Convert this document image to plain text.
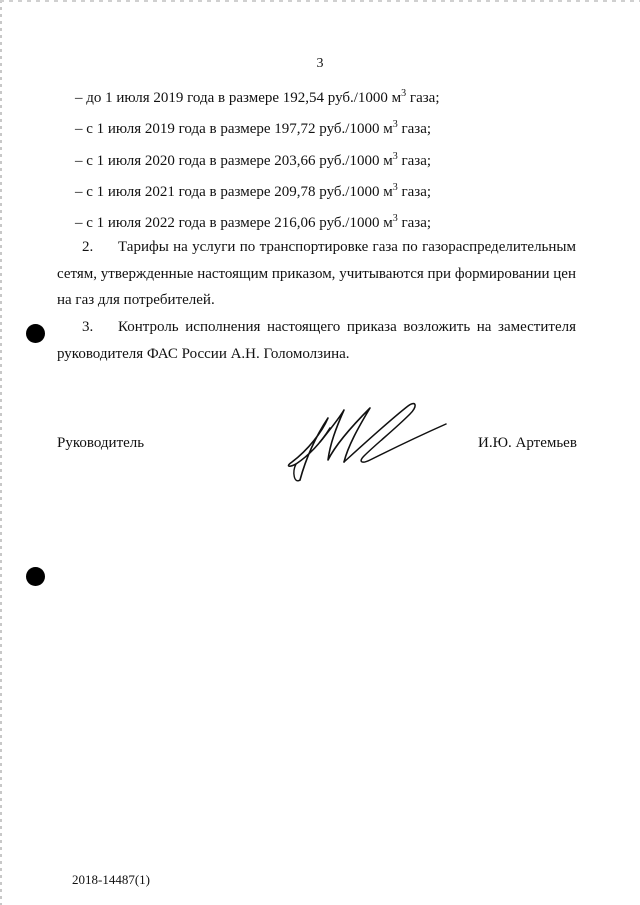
3
– до 1 июля 2019 года в размере 192,54 руб./1000 $м^3$ газа;
– с 1 июля 2019 года в размере 197,72 руб./1000 $м^3$ газа;
– с 1 июля 2020 года в размере 203,66 руб./1000 $м^3$ газа;
– с 1 июля 2021 года в размере 209,78 руб./1000 $м^3$ газа;
– с 1 июля 2022 года в размере 216,06 руб./1000 $м^3$ газа;
2. Тарифы на услуги по транспортировке газа по газораспределительным сетям, утвержденные настоящим приказом, учитываются при формировании цен на газ для потребителей.
3. Контроль исполнения настоящего приказа возложить на заместителя руководителя ФАС России А.Н. Голомолзина.
Руководитель	И.Ю. Артемьев
2018-14487(1)
